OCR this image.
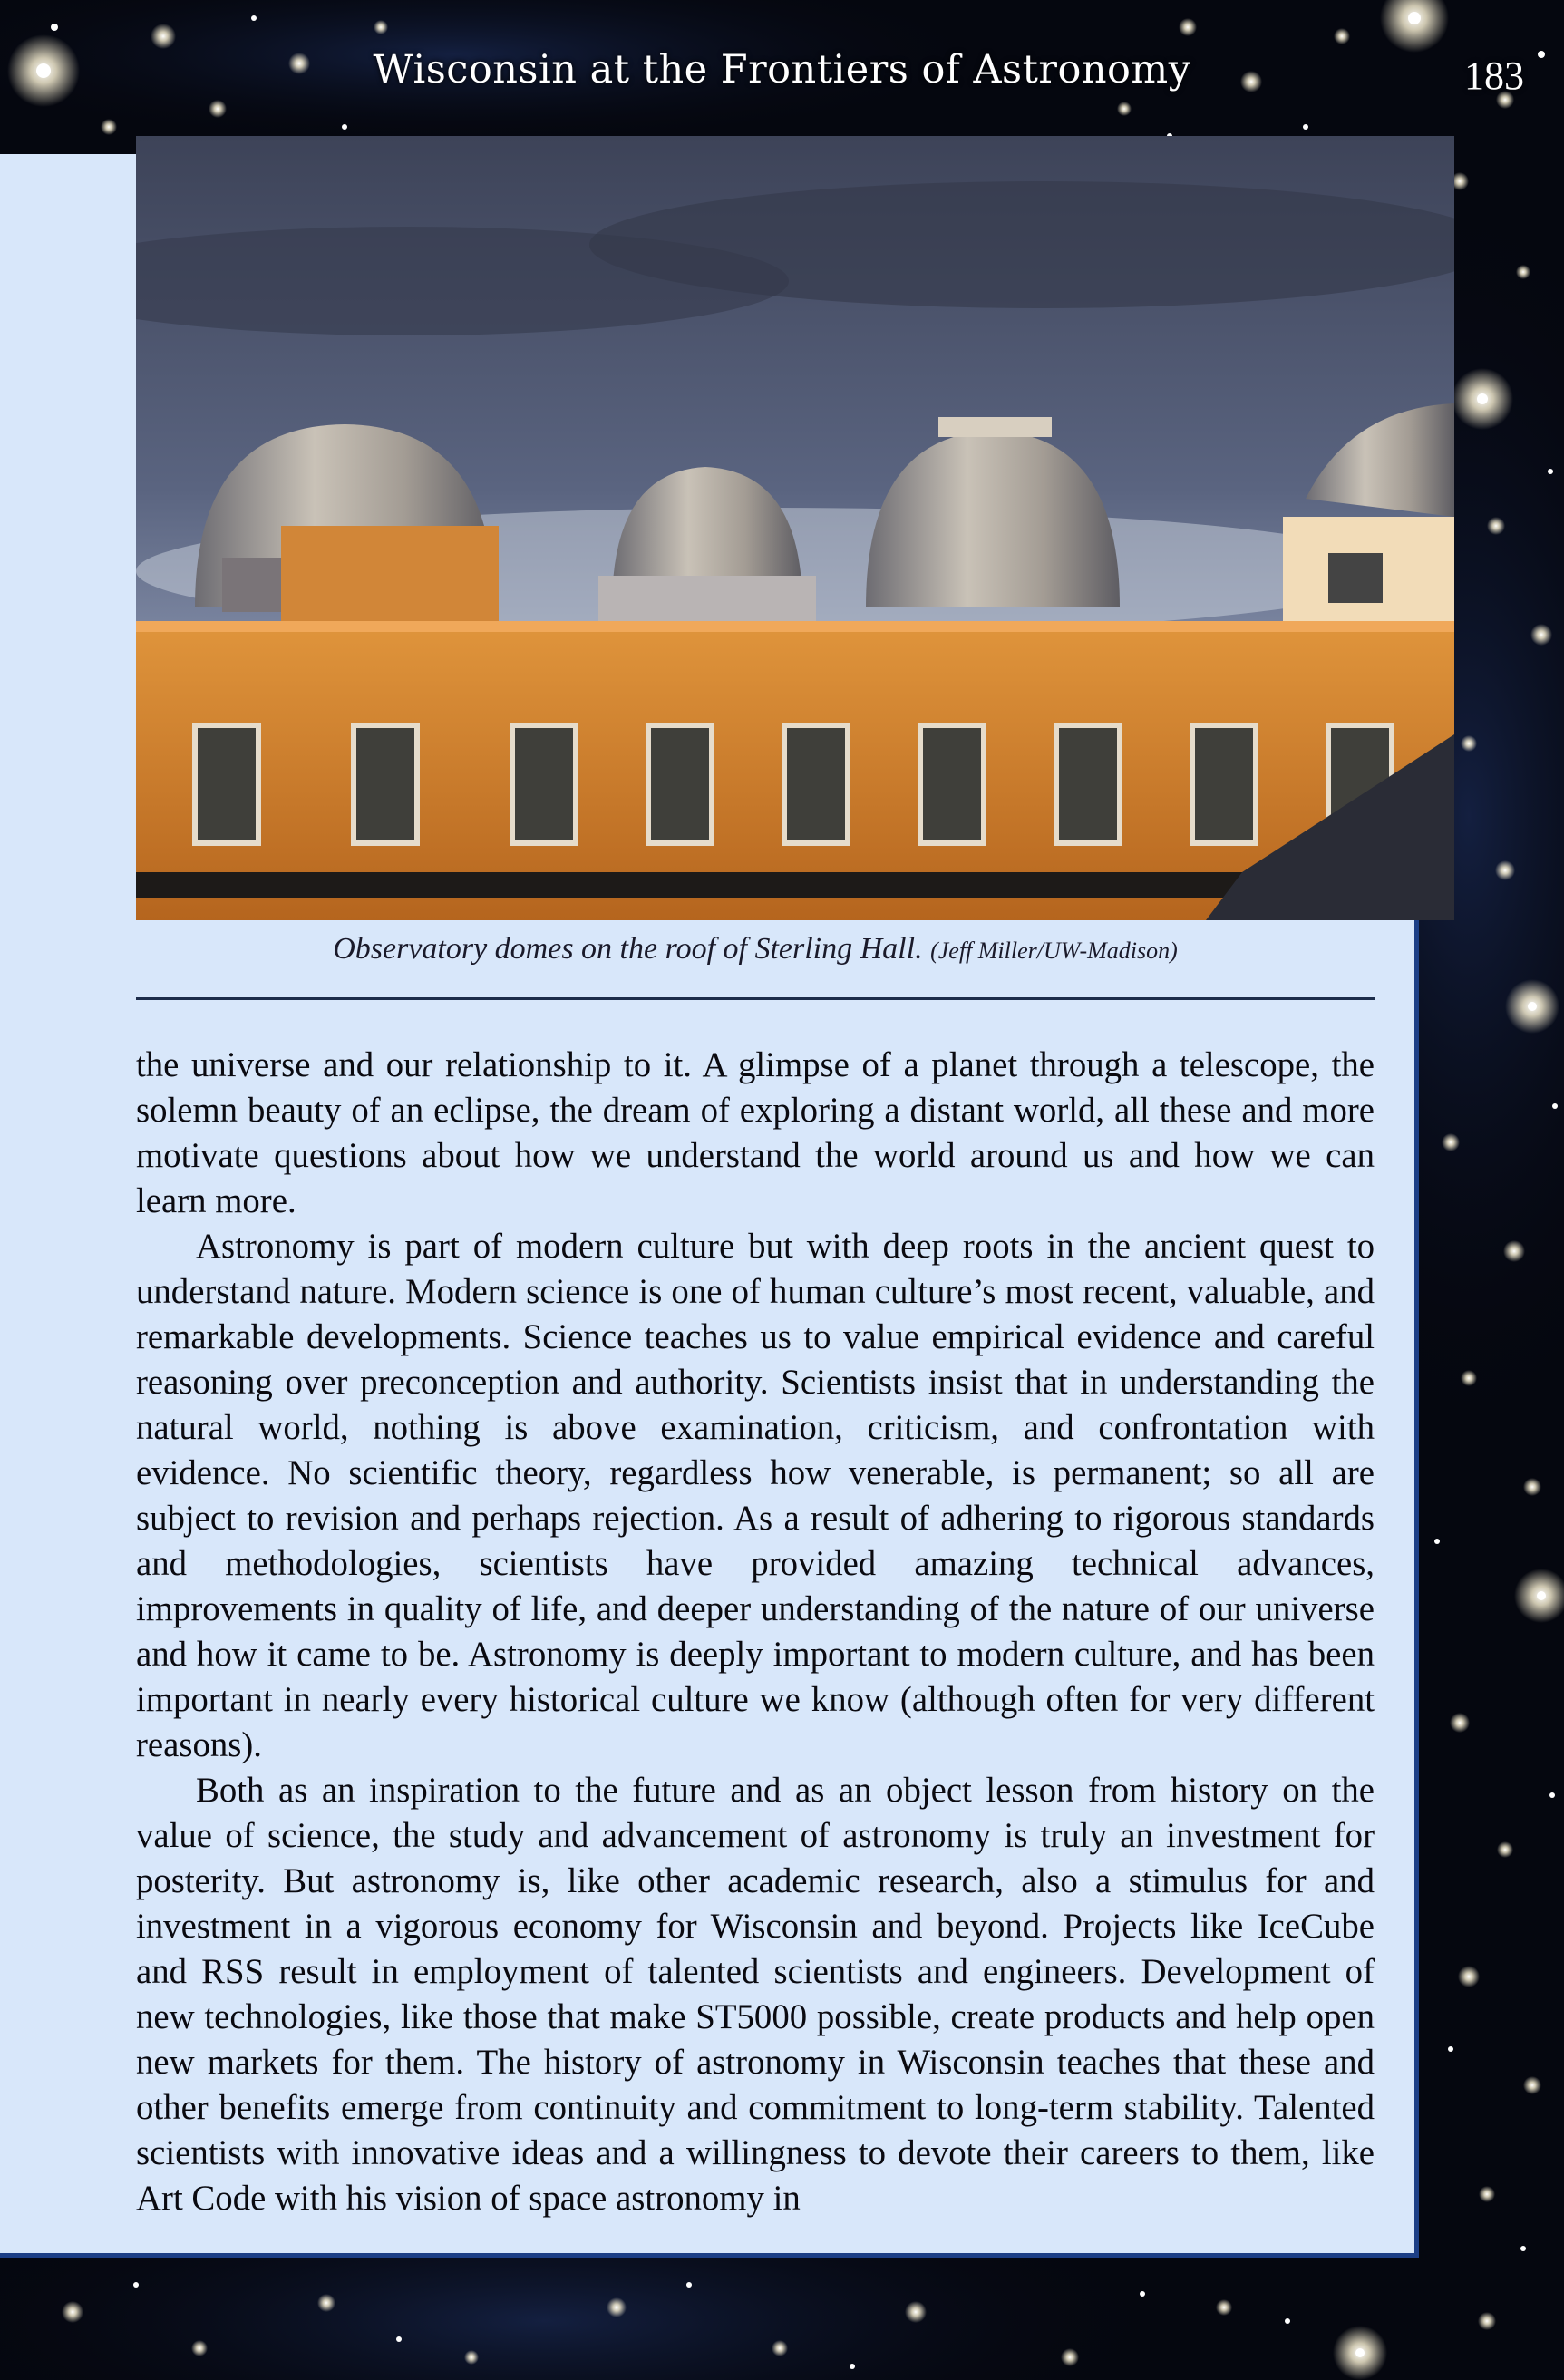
Wisconsin at the Frontiers of Astronomy	183
Observatory domes on the roof of Sterling Hall. (Jeff Miller/UW-Madison)

the universe and our relationship to it. A glimpse of a planet through a telescope, the solemn beauty of an eclipse, the dream of exploring a distant world, all these and more motivate questions about how we understand the world around us and how we can learn more.

Astronomy is part of modern culture but with deep roots in the ancient quest to understand nature. Modern science is one of human culture’s most recent, valuable, and remarkable developments. Science teaches us to value empirical evidence and careful reasoning over preconception and authority. Scientists insist that in understanding the natural world, nothing is above examination, criticism, and confrontation with evidence. No scientific theory, regardless how venerable, is permanent; so all are subject to revision and perhaps rejection. As a result of adhering to rigorous standards and methodologies, scientists have provided amazing technical advances, improvements in quality of life, and deeper understanding of the nature of our universe and how it came to be. Astronomy is deeply important to modern culture, and has been important in nearly every historical culture we know (although often for very different reasons).

Both as an inspiration to the future and as an object lesson from history on the value of science, the study and advancement of astronomy is truly an investment for posterity. But astronomy is, like other academic research, also a stimulus for and investment in a vigorous economy for Wisconsin and beyond. Projects like IceCube and RSS result in employment of talented scientists and engineers. Development of new technologies, like those that make ST5000 possible, create products and help open new markets for them. The history of astronomy in Wisconsin teaches that these and other benefits emerge from continuity and commitment to long-term stability. Talented scientists with innovative ideas and a willingness to devote their careers to them, like Art Code with his vision of space astronomy in
